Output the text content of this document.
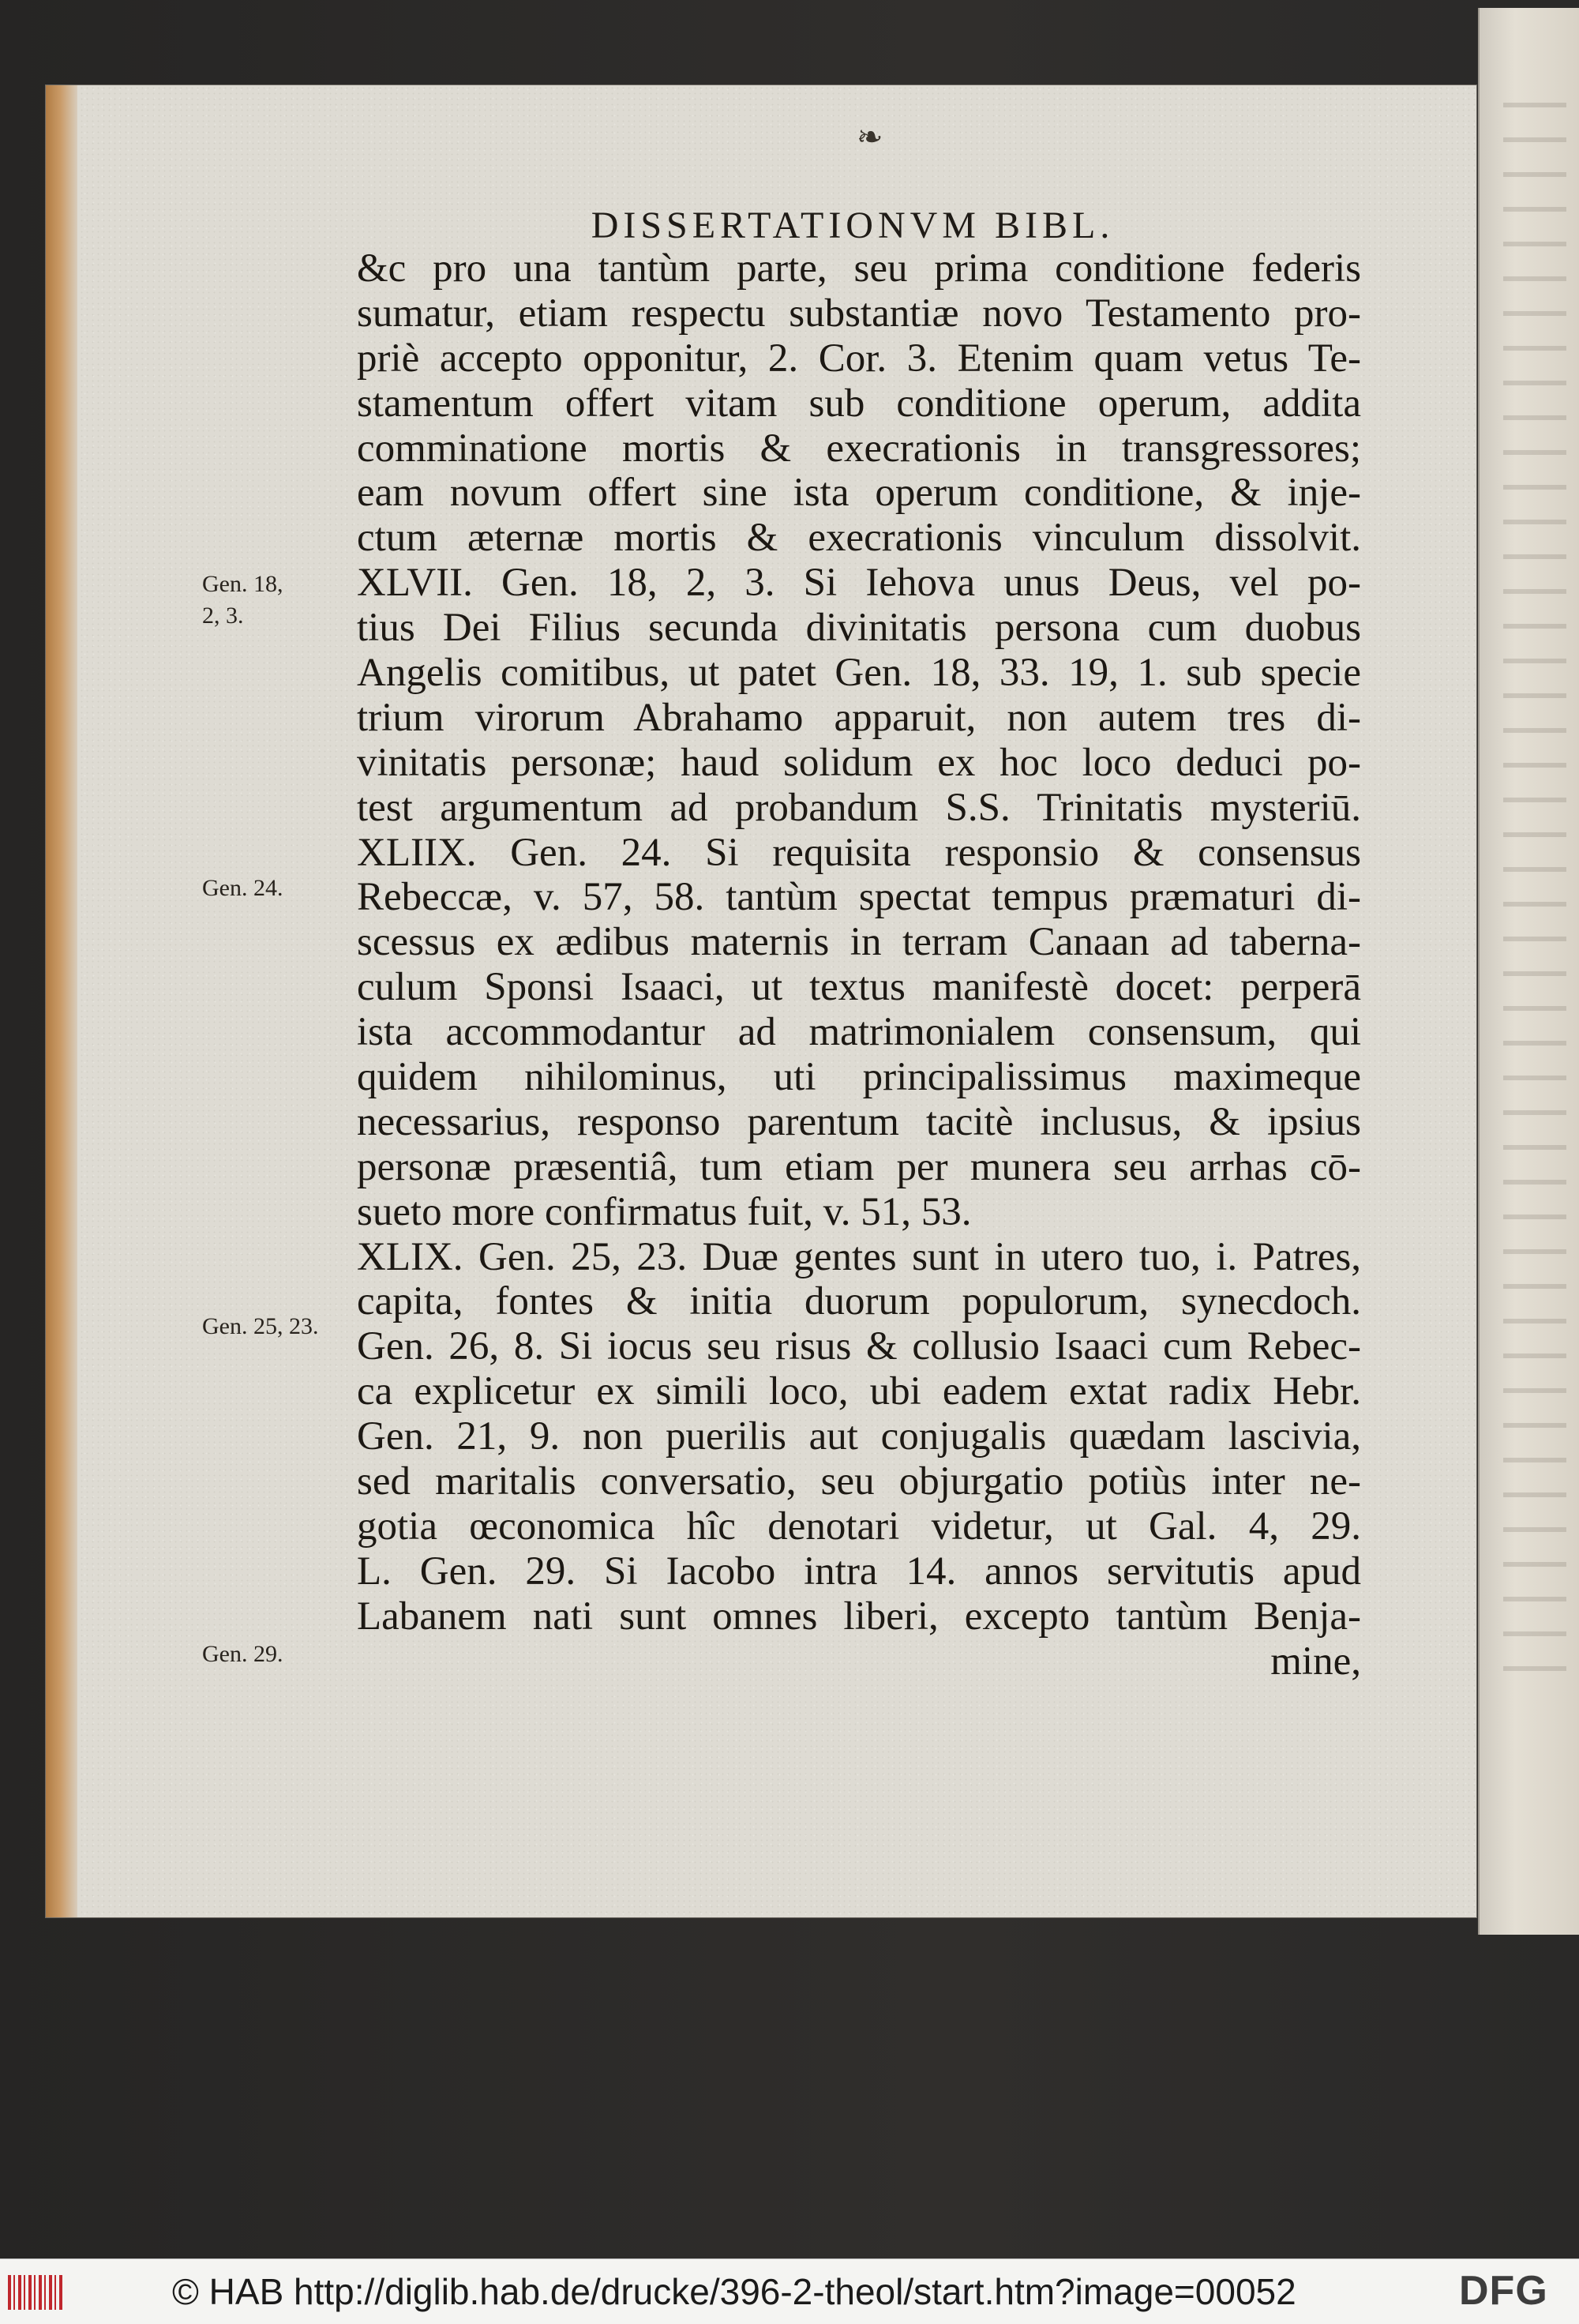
❧
DISSERTATIONVM BIBL.
Gen. 18,
2, 3.
Gen. 24.
Gen. 25, 23.
Gen. 29.
&c pro una tantùm parte, seu prima conditione federis
sumatur, etiam respectu substantiæ novo Testamento pro-
priè accepto opponitur, 2. Cor. 3. Etenim quam vetus Te-
stamentum offert vitam sub conditione operum, addita
comminatione mortis & execrationis in transgressores;
eam novum offert sine ista operum conditione, & inje-
ctum æternæ mortis & execrationis vinculum dissolvit.
XLVII. Gen. 18, 2, 3. Si Iehova unus Deus, vel po-
tius Dei Filius secunda divinitatis persona cum duobus
Angelis comitibus, ut patet Gen. 18, 33. 19, 1. sub specie
trium virorum Abrahamo apparuit, non autem tres di-
vinitatis personæ; haud solidum ex hoc loco deduci po-
test argumentum ad probandum S.S. Trinitatis mysteriū.
XLIIX. Gen. 24. Si requisita responsio & consensus
Rebeccæ, v. 57, 58. tantùm spectat tempus præmaturi di-
scessus ex ædibus maternis in terram Canaan ad taberna-
culum Sponsi Isaaci, ut textus manifestè docet: perperā
ista accommodantur ad matrimonialem consensum, qui
quidem nihilominus, uti principalissimus maximeque
necessarius, responso parentum tacitè inclusus, & ipsius
personæ præsentiâ, tum etiam per munera seu arrhas cō-
sueto more confirmatus fuit, v. 51, 53.
XLIX. Gen. 25, 23. Duæ gentes sunt in utero tuo, i. Patres,
capita, fontes & initia duorum populorum, synecdoch.
Gen. 26, 8. Si iocus seu risus & collusio Isaaci cum Rebec-
ca explicetur ex simili loco, ubi eadem extat radix Hebr.
Gen. 21, 9. non puerilis aut conjugalis quædam lascivia,
sed maritalis conversatio, seu objurgatio potiùs inter ne-
gotia œconomica hîc denotari videtur, ut Gal. 4, 29.
L. Gen. 29. Si Iacobo intra 14. annos servitutis apud
Labanem nati sunt omnes liberi, excepto tantùm Benja-
mine,
© HAB http://diglib.hab.de/drucke/396-2-theol/start.htm?image=00052	DFG
